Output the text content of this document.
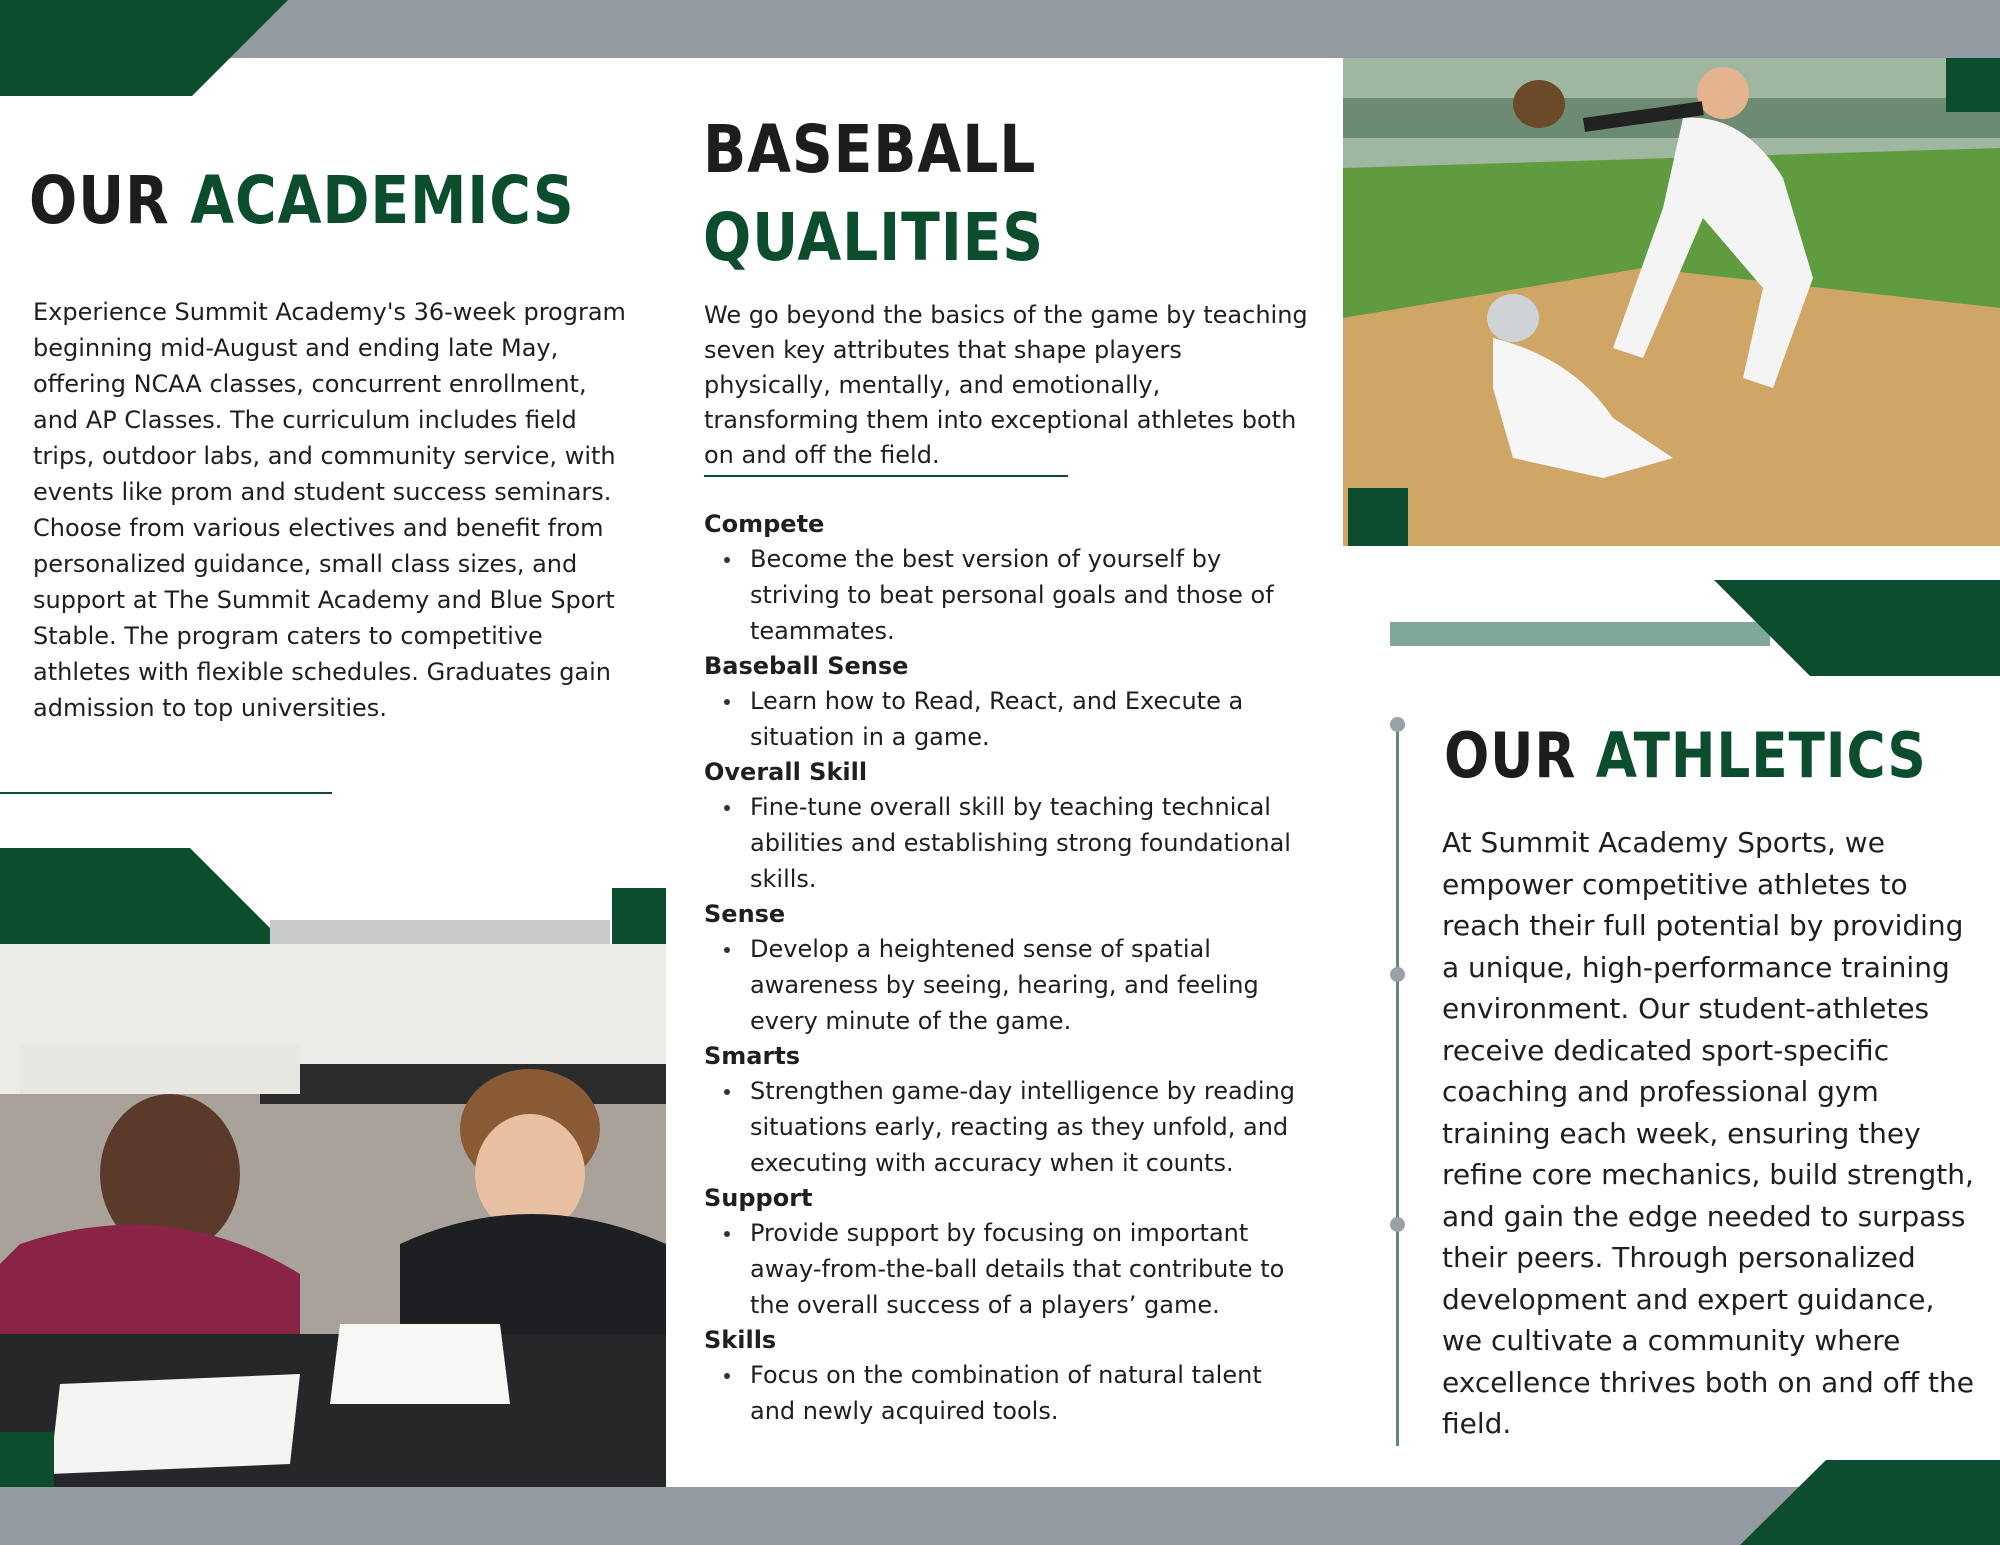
OUR ACADEMICS
Experience Summit Academy's 36-week program beginning mid-August and ending late May, offering NCAA classes, concurrent enrollment, and AP Classes. The curriculum includes field trips, outdoor labs, and community service, with events like prom and student success seminars. Choose from various electives and benefit from personalized guidance, small class sizes, and support at The Summit Academy and Blue Sport Stable. The program caters to competitive athletes with flexible schedules. Graduates gain admission to top universities.
BASEBALL
QUALITIES
We go beyond the basics of the game by teaching seven key attributes that shape players physically, mentally, and emotionally, transforming them into exceptional athletes both on and off the field.
Compete
Become the best version of yourself by striving to beat personal goals and those of teammates.
Baseball Sense
Learn how to Read, React, and Execute a situation in a game.
Overall Skill
Fine-tune overall skill by teaching technical abilities and establishing strong foundational skills.
Sense
Develop a heightened sense of spatial awareness by seeing, hearing, and feeling every minute of the game.
Smarts
Strengthen game-day intelligence by reading situations early, reacting as they unfold, and executing with accuracy when it counts.
Support
Provide support by focusing on important away-from-the-ball details that contribute to the overall success of a players’ game.
Skills
Focus on the combination of natural talent and newly acquired tools.
OUR ATHLETICS
At Summit Academy Sports, we empower competitive athletes to reach their full potential by providing a unique, high-performance training environment. Our student-athletes receive dedicated sport-specific coaching and professional gym training each week, ensuring they refine core mechanics, build strength, and gain the edge needed to surpass their peers. Through personalized development and expert guidance, we cultivate a community where excellence thrives both on and off the field.
